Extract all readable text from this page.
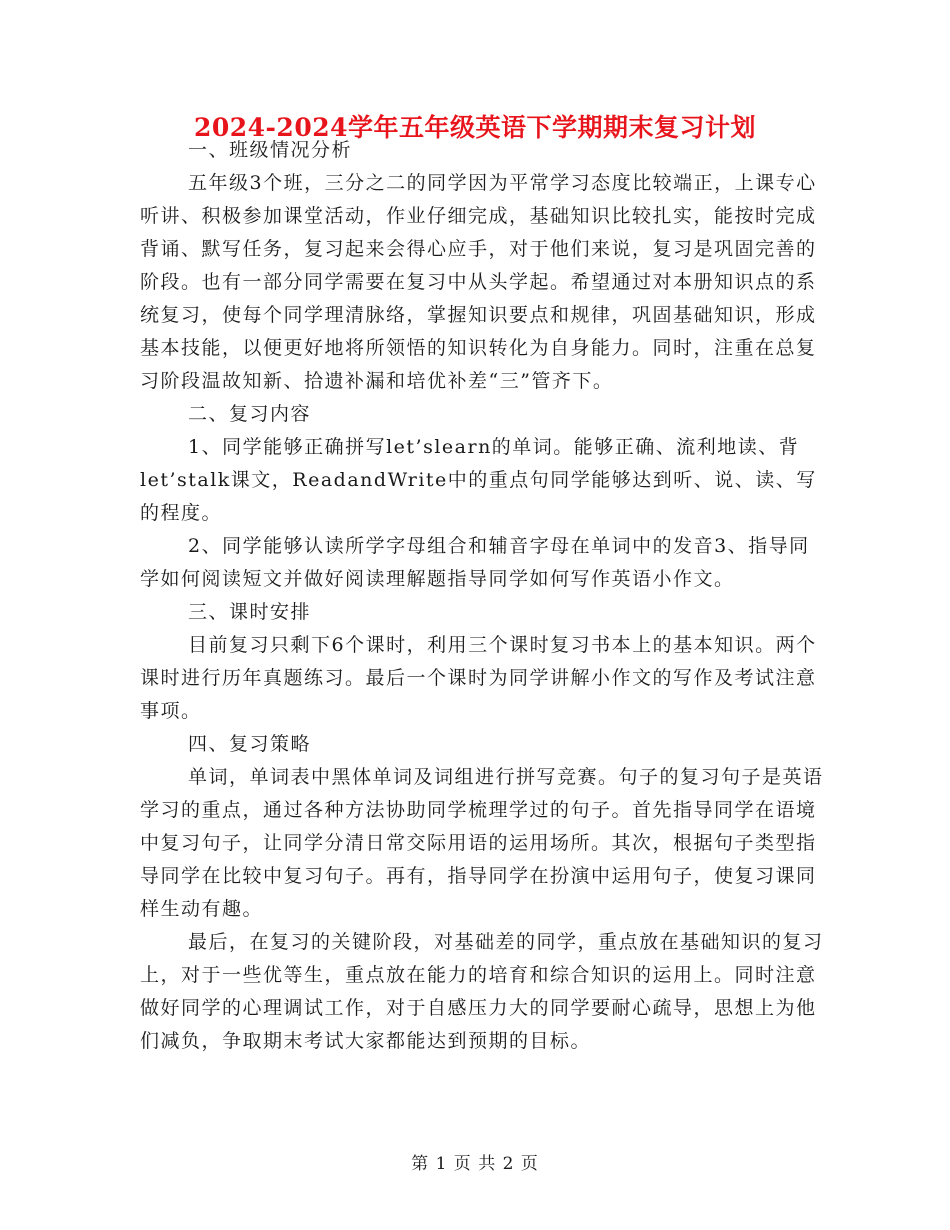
2024-2024学年五年级英语下学期期末复习计划
一、班级情况分析

五年级3个班，三分之二的同学因为平常学习态度比较端正，上课专心听讲、积极参加课堂活动，作业仔细完成，基础知识比较扎实，能按时完成背诵、默写任务，复习起来会得心应手，对于他们来说，复习是巩固完善的阶段。也有一部分同学需要在复习中从头学起。希望通过对本册知识点的系统复习，使每个同学理清脉络，掌握知识要点和规律，巩固基础知识，形成基本技能，以便更好地将所领悟的知识转化为自身能力。同时，注重在总复习阶段温故知新、拾遗补漏和培优补差“三”管齐下。

二、复习内容

1、同学能够正确拼写let’slearn的单词。能够正确、流利地读、背let’stalk课文，ReadandWrite中的重点句同学能够达到听、说、读、写的程度。

2、同学能够认读所学字母组合和辅音字母在单词中的发音3、指导同学如何阅读短文并做好阅读理解题指导同学如何写作英语小作文。

三、课时安排

目前复习只剩下6个课时，利用三个课时复习书本上的基本知识。两个课时进行历年真题练习。最后一个课时为同学讲解小作文的写作及考试注意事项。

四、复习策略

单词，单词表中黑体单词及词组进行拼写竞赛。句子的复习句子是英语学习的重点，通过各种方法协助同学梳理学过的句子。首先指导同学在语境中复习句子，让同学分清日常交际用语的运用场所。其次，根据句子类型指导同学在比较中复习句子。再有，指导同学在扮演中运用句子，使复习课同样生动有趣。

最后，在复习的关键阶段，对基础差的同学，重点放在基础知识的复习上，对于一些优等生，重点放在能力的培育和综合知识的运用上。同时注意做好同学的心理调试工作，对于自感压力大的同学要耐心疏导，思想上为他们减负，争取期末考试大家都能达到预期的目标。

第 1 页 共 2 页
